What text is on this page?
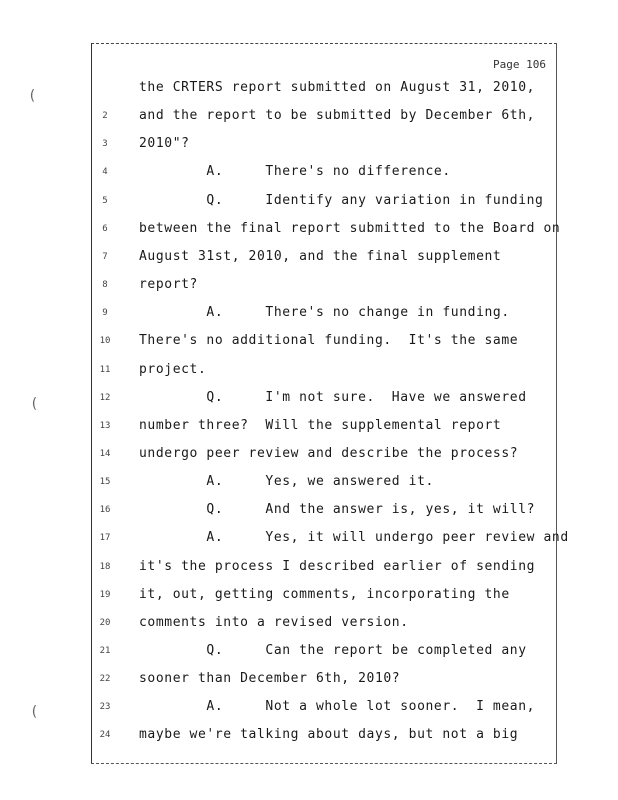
Page 106
(
(
(
the CRTERS report submitted on August 31, 2010,
2	and the report to be submitted by December 6th,
3	2010"?
4	A.     There's no difference.
5	Q.     Identify any variation in funding
6	between the final report submitted to the Board on
7	August 31st, 2010, and the final supplement
8	report?
9	A.     There's no change in funding.
10	There's no additional funding.  It's the same
11	project.
12	Q.     I'm not sure.  Have we answered
13	number three?  Will the supplemental report
14	undergo peer review and describe the process?
15	A.     Yes, we answered it.
16	Q.     And the answer is, yes, it will?
17	A.     Yes, it will undergo peer review and
18	it's the process I described earlier of sending
19	it, out, getting comments, incorporating the
20	comments into a revised version.
21	Q.     Can the report be completed any
22	sooner than December 6th, 2010?
23	A.     Not a whole lot sooner.  I mean,
24	maybe we're talking about days, but not a big
